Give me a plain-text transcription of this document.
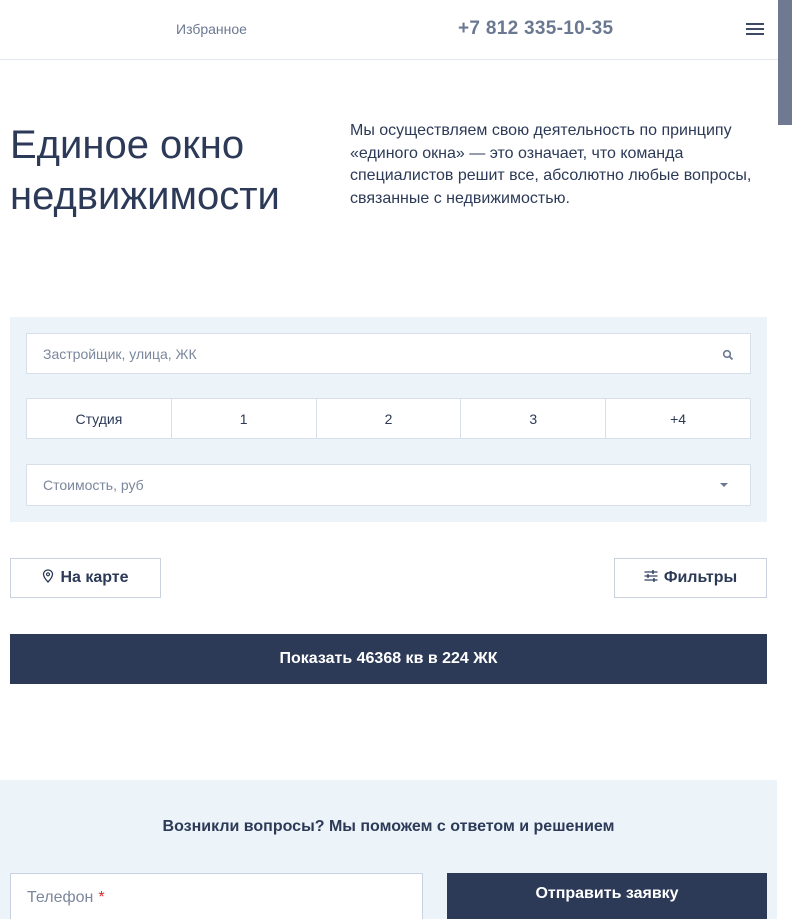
Избранное	+7 812 335-10-35
Единое окно недвижимости

Мы осуществляем свою деятельность по принципу «единого окна» — это означает, что команда специалистов решит все, абсолютно любые вопросы, связанные с недвижимостью.

Застройщик, улица, ЖК
Студия	1	2	3	+4
Стоимость, руб
На карте	Фильтры
Показать 46368 кв в 224 ЖК
Возникли вопросы? Мы поможем с ответом и решением
Телефон *	Отправить заявку
